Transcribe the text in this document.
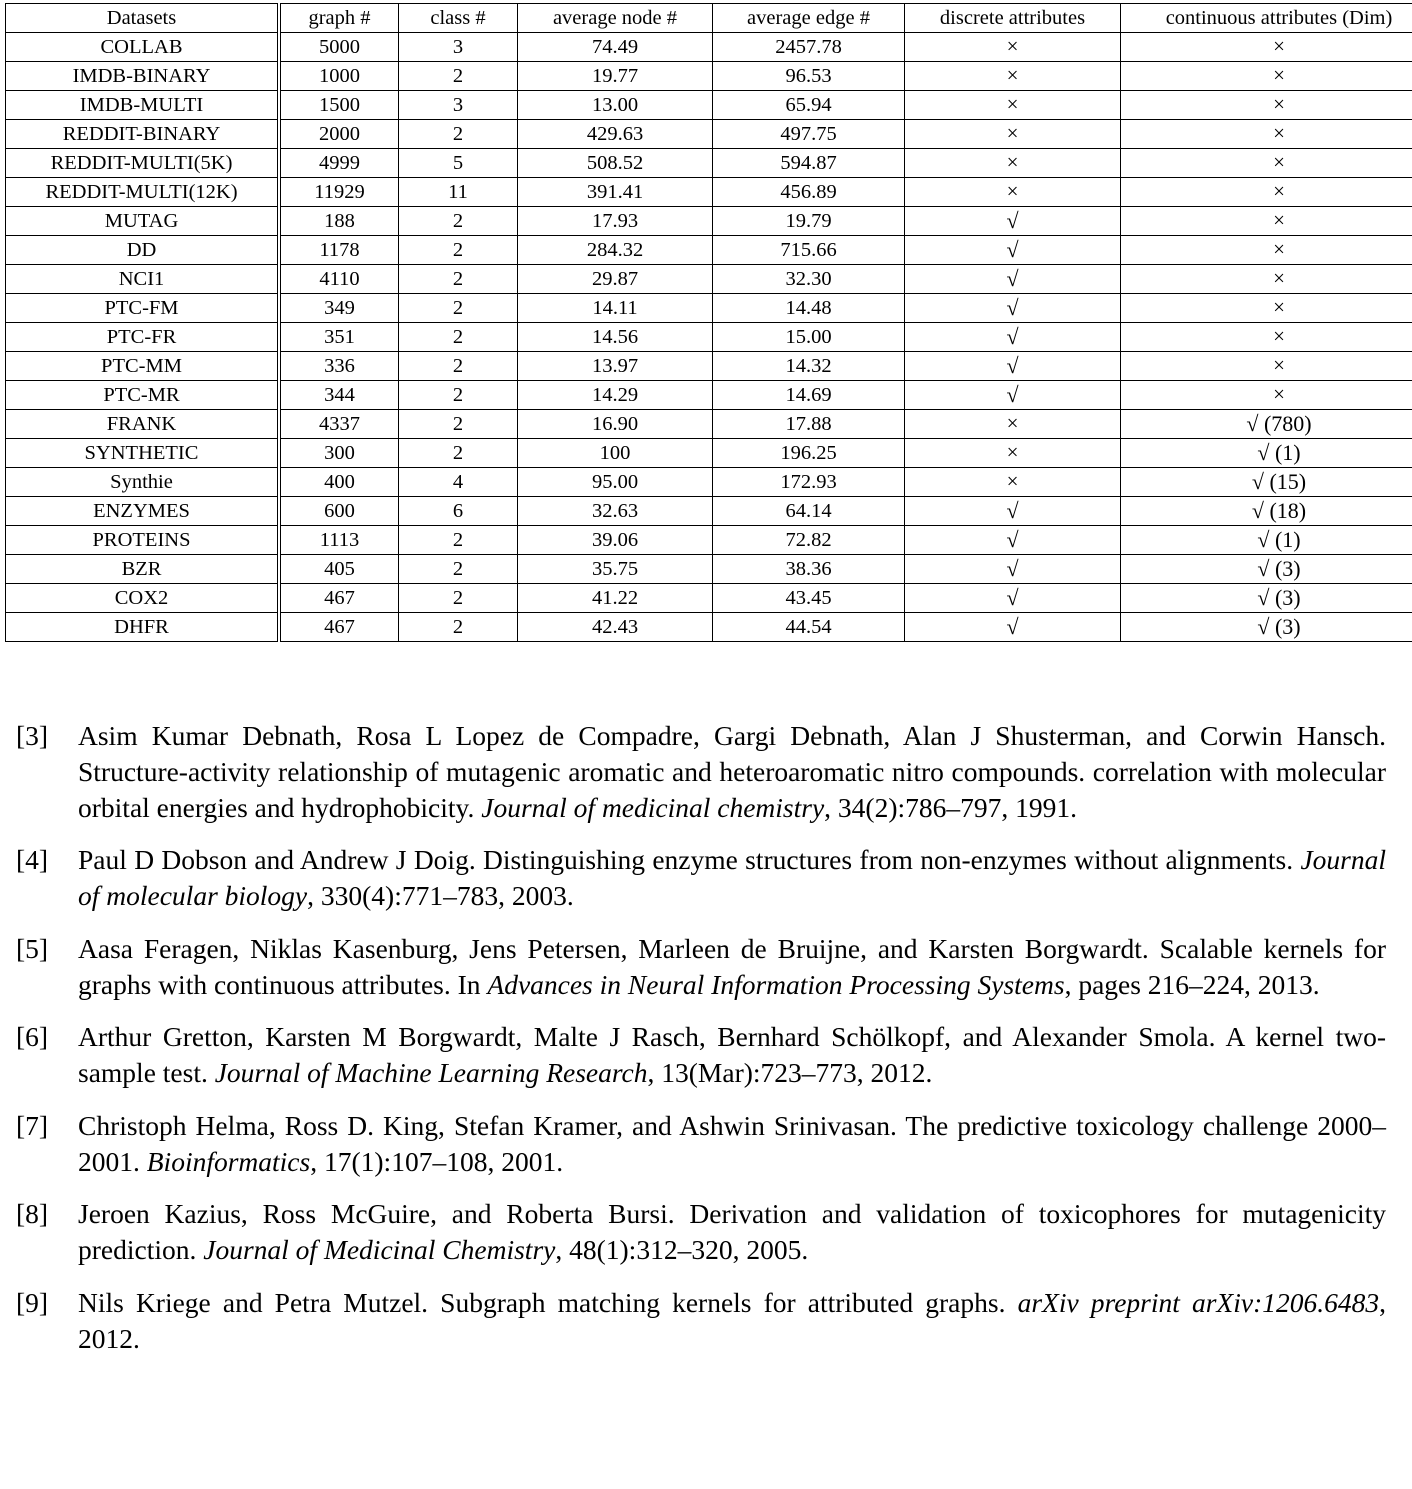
Datasets	graph #	class #	average node #	average edge #	discrete attributes	continuous attributes (Dim)
COLLAB	5000	3	74.49	2457.78	×	×
IMDB-BINARY	1000	2	19.77	96.53	×	×
IMDB-MULTI	1500	3	13.00	65.94	×	×
REDDIT-BINARY	2000	2	429.63	497.75	×	×
REDDIT-MULTI(5K)	4999	5	508.52	594.87	×	×
REDDIT-MULTI(12K)	11929	11	391.41	456.89	×	×
MUTAG	188	2	17.93	19.79	√	×
DD	1178	2	284.32	715.66	√	×
NCI1	4110	2	29.87	32.30	√	×
PTC-FM	349	2	14.11	14.48	√	×
PTC-FR	351	2	14.56	15.00	√	×
PTC-MM	336	2	13.97	14.32	√	×
PTC-MR	344	2	14.29	14.69	√	×
FRANK	4337	2	16.90	17.88	×	√ (780)
SYNTHETIC	300	2	100	196.25	×	√ (1)
Synthie	400	4	95.00	172.93	×	√ (15)
ENZYMES	600	6	32.63	64.14	√	√ (18)
PROTEINS	1113	2	39.06	72.82	√	√ (1)
BZR	405	2	35.75	38.36	√	√ (3)
COX2	467	2	41.22	43.45	√	√ (3)
DHFR	467	2	42.43	44.54	√	√ (3)
[3]	Asim Kumar Debnath, Rosa L Lopez de Compadre, Gargi Debnath, Alan J Shusterman, and Corwin Hansch. Structure-activity relationship of mutagenic aromatic and heteroaromatic nitro compounds. correlation with molecular orbital energies and hydrophobicity. Journal of medicinal chemistry, 34(2):786–797, 1991.
[4]	Paul D Dobson and Andrew J Doig. Distinguishing enzyme structures from non-enzymes without alignments. Journal of molecular biology, 330(4):771–783, 2003.
[5]	Aasa Feragen, Niklas Kasenburg, Jens Petersen, Marleen de Bruijne, and Karsten Borgwardt. Scalable kernels for graphs with continuous attributes. In Advances in Neural Information Processing Systems, pages 216–224, 2013.
[6]	Arthur Gretton, Karsten M Borgwardt, Malte J Rasch, Bernhard Schölkopf, and Alexander Smola. A kernel two-sample test. Journal of Machine Learning Research, 13(Mar):723–773, 2012.
[7]	Christoph Helma, Ross D. King, Stefan Kramer, and Ashwin Srinivasan. The predictive toxicology challenge 2000–2001. Bioinformatics, 17(1):107–108, 2001.
[8]	Jeroen Kazius, Ross McGuire, and Roberta Bursi. Derivation and validation of toxicophores for mutagenicity prediction. Journal of Medicinal Chemistry, 48(1):312–320, 2005.
[9]	Nils Kriege and Petra Mutzel. Subgraph matching kernels for attributed graphs. arXiv preprint arXiv:1206.6483, 2012.
